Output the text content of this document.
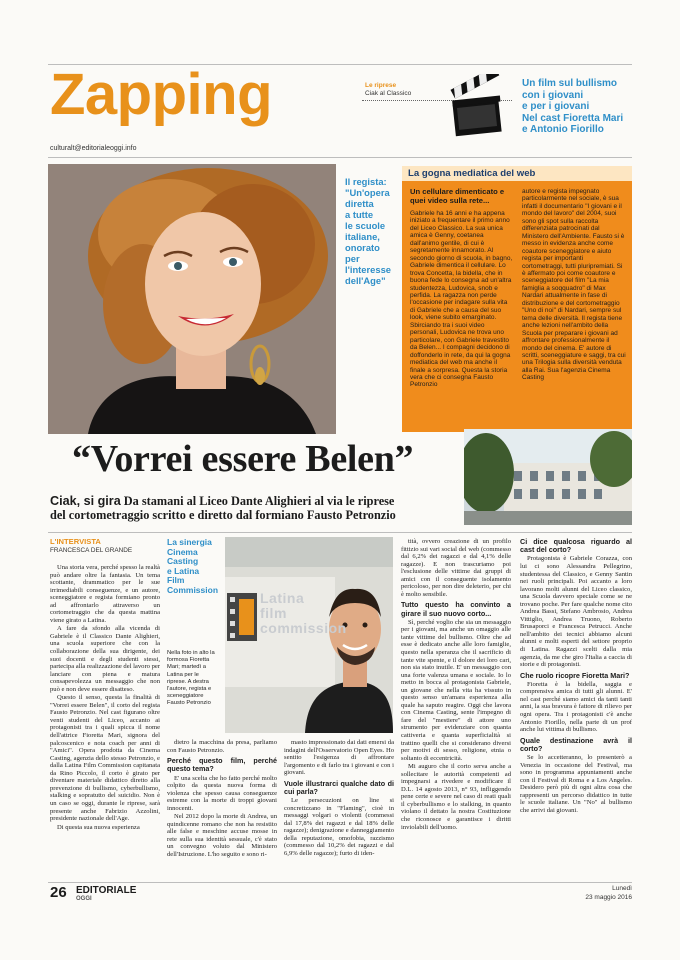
Zapping
culturalt@editorialeoggi.info
Le riprese
Ciak al Classico
Un film sul bullismo
con i giovani
e per i giovani
Nel cast Fioretta Mari
e Antonio Fiorillo
Il regista:
"Un'opera
diretta
a tutte
le scuole
italiane,
onorato
per
l'interesse
dell'Age"
La gogna mediatica del web
Un cellulare dimenticato e quei video sulla rete...
Gabriele ha 16 anni e ha appena iniziato a frequentare il primo anno del Liceo Classico. La sua unica amica è Genny, coetanea dall'animo gentile, di cui è segretamente innamorato. Al secondo giorno di scuola, in bagno, Gabriele dimentica il cellulare. Lo trova Concetta, la bidella, che in buona fede lo consegna ad un'altra studentezza, Ludovica, snob e perfida. La ragazza non perde l'occasione per indagare sulla vita di Gabriele che a causa del suo look, viene subito emarginato. Sbirciando tra i suoi video personali, Ludovica ne trova uno particolare, con Gabriele travestito da Belen... I compagni decidono di doffonderlo in rete, da qui la gogna mediatica del web ma anche il finale a sorpresa. Questa la storia vera che ci consegna Fausto Petronzio
autore e regista impegnato particolarmente nel sociale, è sua infatti il documentario "I giovani e il mondo del lavoro" del 2004, suoi sono gli spot sulla raccolta differenziata patrocinati dal Ministero dell'Ambiente. Fausto si è messo in evidenza anche come coautore sceneggiatore e aiuto regista per importanti cortometraggi, tutti pluripremiati. Si è affermato poi come coautore e sceneggiatore del film "La mia famiglia a soqquadro" di Max Nardari attualmente in fase di distribuzione e del cortometraggio "Uno di noi" di Nardari, sempre sul tema delle diversità. Il regista tiene anche lezioni nell'ambito della Scuola per preparare i giovani ad affrontare professionalmente il mondo del cinema. E' autore di scritti, sceneggiature e saggi, tra cui una Trilogia sulla diversità venduta alla Rai. Sua l'agenzia Cinema Casting
“Vorrei essere Belen”
Ciak, si gira Da stamani al Liceo Dante Alighieri al via le riprese
del cortometraggio scritto e diretto dal formiano Fausto Petronzio
L'INTERVISTA
FRANCESCA DEL GRANDE

Una storia vera, perché spesso la realtà può andare oltre la fantasia. Un tema scottante, drammatico per le sue irrimediabili conseguenze, e un autore, sceneggiatore e regista formiano pronto ad affrontarlo attraverso un cortometraggio che da questa mattina viene girato a Latina.

A fare da sfondo alla vicenda di Gabriele è il Classico Dante Alighieri, una scuola superiore che con la collaborazione della sua dirigente, dei suoi docenti e degli studenti stessi, partecipa alla realizzazione del lavoro per lanciare con piena e matura consapevolezza un messaggio che non può e non deve essere disatteso.

Questo il senso, questa la finalità di "Vorrei essere Belen", il corto del regista Fausto Petronzio. Nel cast figurano oltre venti studenti del Liceo, accanto ai protagonisti tra i quali spicca il nome dell'attrice Fioretta Mari, signora del palcoscenico e nota coach per anni di "Amici". Opera prodotta da Cinema Casting, agenzia dello stesso Petronzio, e dalla Latina Film Commission capitanata da Rino Piccolo, il corto è girato per diventare materiale didattico diretto alla prevenzione di bullismo, cyberbullismo, stalking e sopratutto del suicidio. Non è un caso se oggi, durante le riprese, sarà presente anche Fabrizio Azzolini, presidente nazionale dell'Age.

Di questa sua nuova esperienza

La sinergia
Cinema
Casting
e Latina
Film
Commission
Nella foto in alto la formosa Fioretta Mari; martedì a Latina per le riprese. A destra l'autore, regista e sceneggiatore Fausto Petronzio
Latina
film
commission

dietro la macchina da presa, parliamo con Fausto Petronzio.

Perché questo film, perché questo tema?

E' una scelta che ho fatto perché molto colpito da questa nuova forma di violenza che spesso causa conseguenze estreme con la morte di troppi giovani innocenti.

Nel 2012 dopo la morte di Andrea, un quindicenne romano che non ha resistito alle false e meschine accuse mosse in rete sulla sua identità sessuale, c'è stato un convegno voluto dal Ministero dell'Istruzione. L'ho seguito e sono ri-

masto impressionato dai dati emersi da indagini dell'Osservatorio Open Eyes. Ho sentito l'esigenza di affrontare l'argomento e di farlo tra i giovani e con i giovani.

Vuole illustrarci qualche dato di cui parla?

Le persecuzioni on line si concretizzano in "Flaming", cioè in messaggi volgari o violenti (commessi dal 17,8% dei ragazzi e dal 18% delle ragazze); denigrazione e danneggiamento della reputazione, omofobia, razzismo (commesso dal 10,2% dei ragazzi e dal 6,9% delle ragazze); furto di iden-

tità, ovvero creazione di un profilo fittizio sui vari social del web (commesso dal 6,2% dei ragazzi e dal 4,1% delle ragazze). E non trascuriamo poi l'esclusione delle vittime dai gruppi di amici con il conseguente isolamento pericoloso, per non dire deleterio, per chi è molto sensibile.

Tutto questo ha convinto a girare il suo nuovo corto...

Sì, perché voglio che sia un messaggio per i giovani, ma anche un omaggio alle tante vittime del bullismo. Oltre che ad esse è dedicato anche alle loro famiglie, questo nella speranza che il sacrificio di tante vite spente, e il dolore dei loro cari, non sia stato inutile. E' un messaggio con una forte valenza umana e sociale. Io lo metto in bocca al protagonista Gabriele, un giovane che nella vita ha vissuto in questo senso un'amara esperienza alla quale ha saputo reagire. Oggi che lavora con Cinema Casting, sente l'impegno di fare del "mestiere" di attore uno strumento per evidenziare con quanta cattiveria e quanta superficialità si trattino quelli che si considerano diversi per motivi di sesso, religione, etnia o soltanto di eccentricità.

Mi auguro che il corto serva anche a sollecitare le autorità competenti ad impegnarsi a rivedere e modificare il D.L. 14 agosto 2013, n° 93, infliggendo pene certe e severe nel caso di reati quali il cyberbullismo e lo stalking, in quanto violano il dettato la nostra Costituzione che riconosce e garantisce i diritti inviolabili dell'uomo.

Ci dice qualcosa riguardo al cast del corto?

Protagonista è Gabriele Corazza, con lui ci sono Alessandra Pellegrino, studentessa del Classico, e Genny Santin nei ruoli principali. Poi accanto a loro lavorano molti alunni del Liceo classico, una Scuola davvero speciale come se ne trovano poche. Per fare qualche nome cito Andrea Bassi, Stefano Ambrosio, Andrea Vittiglio, Andrea Truono, Roberto Brusaporci e Francesca Petrucci. Anche nell'ambito dei tecnici abbiamo alcuni alunni e molti esperti del settore proprio di Latina. Ragazzi scelti dalla mia agenzia, da me che giro l'Italia a caccia di storie e di protagonisti.

Che ruolo ricopre Fioretta Mari?

Fioretta è la bidella, saggia e comprensiva amica di tutti gli alunni. E' nel cast perché siamo amici da tanti tanti anni, la sua bravura è fattore di rilievo per ogni opera. Tra i protagonisti c'è anche Antonio Fiorillo, nella parte di un prof anche lui vittima di bullismo.

Quale destinazione avrà il corto?

Se lo accetteranno, lo presenterò a Venezia in occasione del Festival, ma sono in programma appuntamenti anche con il Festival di Roma e a Los Angeles. Desidero però più di ogni altra cosa che rappresenti un percorso didattico in tutte le scuole italiane. Un "No" al bullismo che arrivi dai giovani.

26 EDITORIALE
OGGI
Lunedì
23 maggio 2016
